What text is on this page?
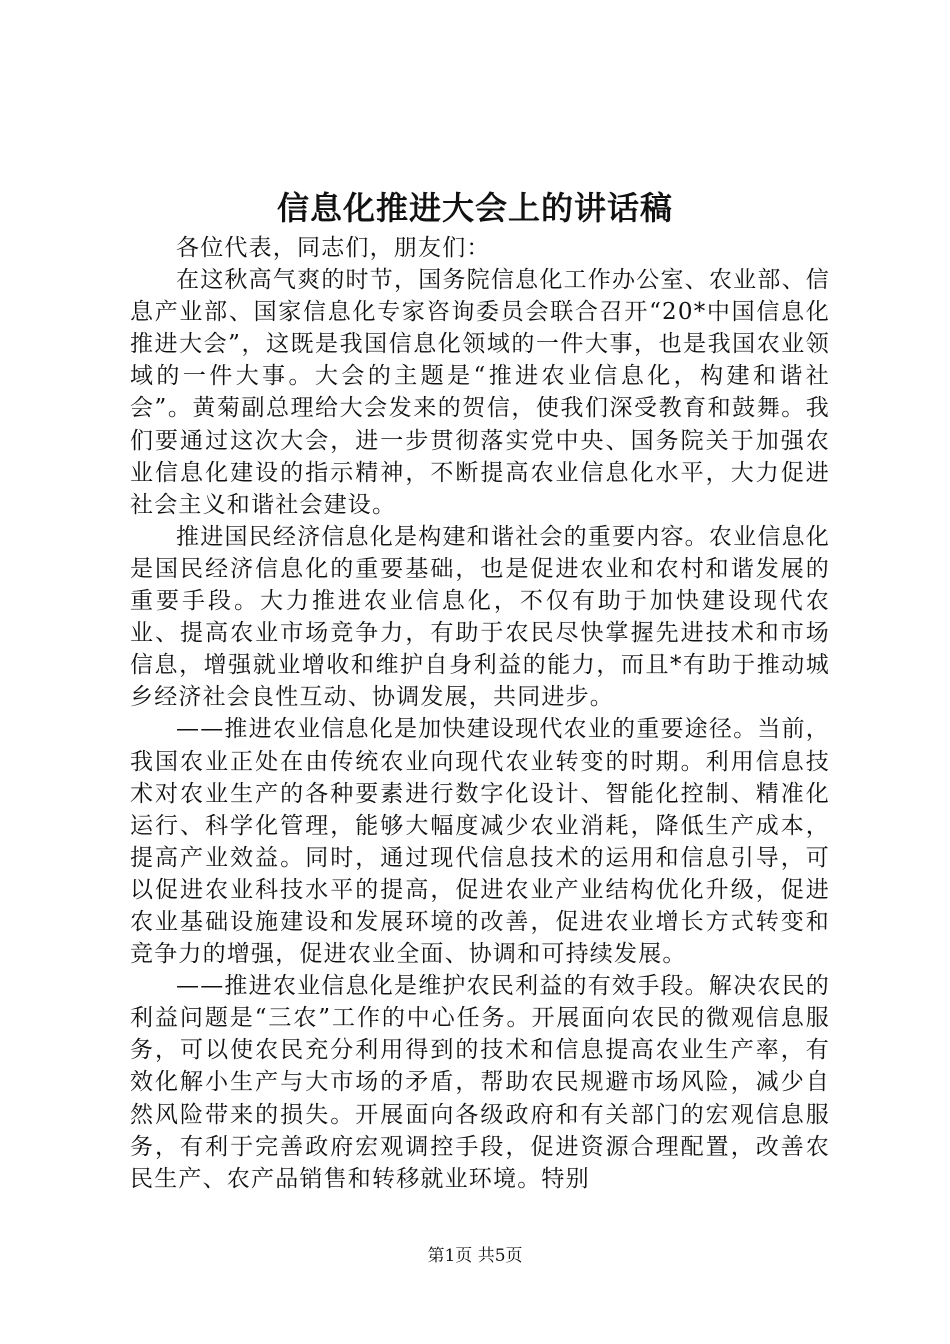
信息化推进大会上的讲话稿

各位代表，同志们，朋友们：

在这秋高气爽的时节，国务院信息化工作办公室、农业部、信息产业部、国家信息化专家咨询委员会联合召开“20*中国信息化推进大会”，这既是我国信息化领域的一件大事，也是我国农业领域的一件大事。大会的主题是“推进农业信息化，构建和谐社会”。黄菊副总理给大会发来的贺信，使我们深受教育和鼓舞。我们要通过这次大会，进一步贯彻落实党中央、国务院关于加强农业信息化建设的指示精神，不断提高农业信息化水平，大力促进社会主义和谐社会建设。

推进国民经济信息化是构建和谐社会的重要内容。农业信息化是国民经济信息化的重要基础，也是促进农业和农村和谐发展的重要手段。大力推进农业信息化，不仅有助于加快建设现代农业、提高农业市场竞争力，有助于农民尽快掌握先进技术和市场信息，增强就业增收和维护自身利益的能力，而且*有助于推动城乡经济社会良性互动、协调发展，共同进步。

——推进农业信息化是加快建设现代农业的重要途径。当前，我国农业正处在由传统农业向现代农业转变的时期。利用信息技术对农业生产的各种要素进行数字化设计、智能化控制、精准化运行、科学化管理，能够大幅度减少农业消耗，降低生产成本，提高产业效益。同时，通过现代信息技术的运用和信息引导，可以促进农业科技水平的提高，促进农业产业结构优化升级，促进农业基础设施建设和发展环境的改善，促进农业增长方式转变和竞争力的增强，促进农业全面、协调和可持续发展。

——推进农业信息化是维护农民利益的有效手段。解决农民的利益问题是“三农”工作的中心任务。开展面向农民的微观信息服务，可以使农民充分利用得到的技术和信息提高农业生产率，有效化解小生产与大市场的矛盾，帮助农民规避市场风险，减少自然风险带来的损失。开展面向各级政府和有关部门的宏观信息服务，有利于完善政府宏观调控手段，促进资源合理配置，改善农民生产、农产品销售和转移就业环境。特别

第1页 共5页
